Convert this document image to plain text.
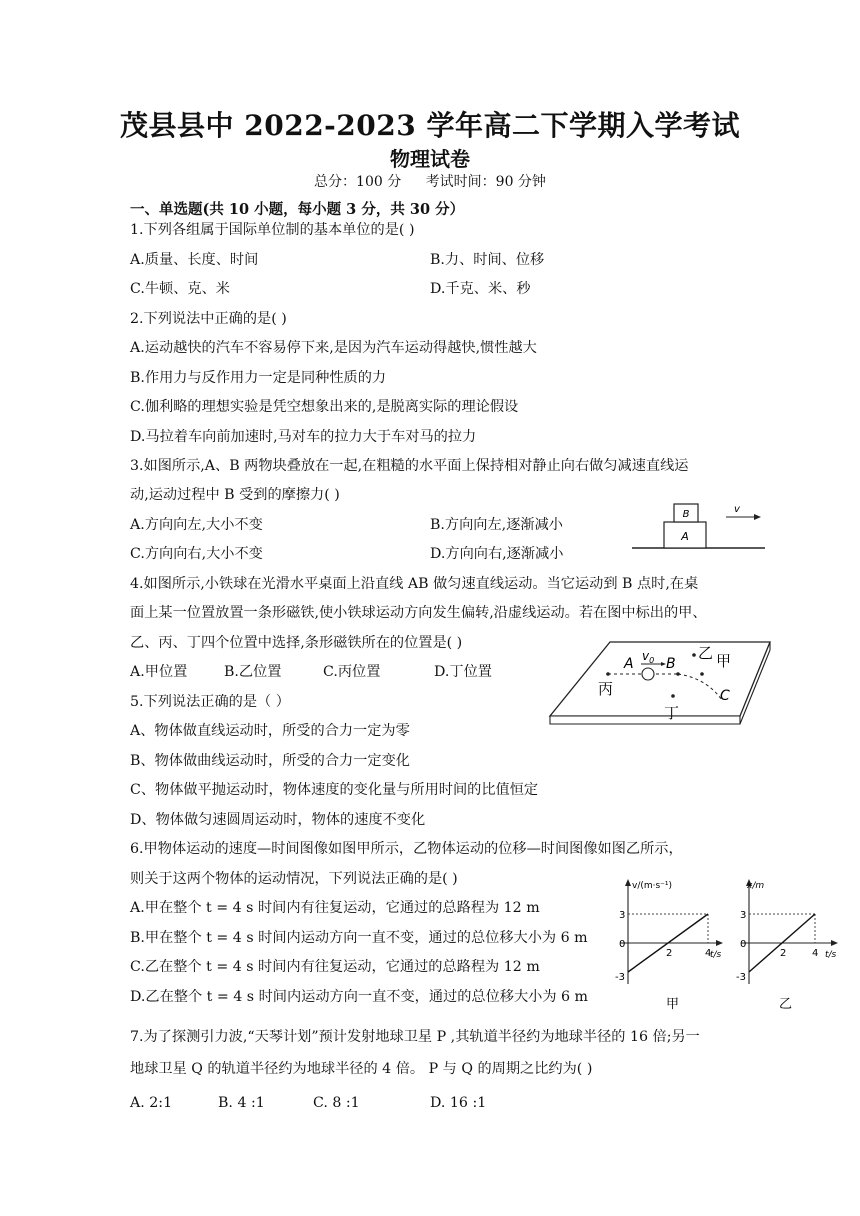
茂县县中 2022-2023 学年高二下学期入学考试
物理试卷
总分：100 分 考试时间：90 分钟
一、单选题(共 10 小题，每小题 3 分，共 30 分）
1.下列各组属于国际单位制的基本单位的是( )
A.质量、长度、时间	B.力、时间、位移
C.牛顿、克、米	D.千克、米、秒
2.下列说法中正确的是( )
A.运动越快的汽车不容易停下来,是因为汽车运动得越快,惯性越大
B.作用力与反作用力一定是同种性质的力
C.伽利略的理想实验是凭空想象出来的,是脱离实际的理论假设
D.马拉着车向前加速时,马对车的拉力大于车对马的拉力
3.如图所示,A、B 两物块叠放在一起,在粗糙的水平面上保持相对静止向右做匀减速直线运
动,运动过程中 B 受到的摩擦力( )
A.方向向左,大小不变	B.方向向左,逐渐减小
C.方向向右,大小不变	D.方向向右,逐渐减小
A
B	v
4.如图所示,小铁球在光滑水平桌面上沿直线 AB 做匀速直线运动。当它运动到 B 点时,在桌
面上某一位置放置一条形磁铁,使小铁球运动方向发生偏转,沿虚线运动。若在图中标出的甲、
乙、丙、丁四个位置中选择,条形磁铁所在的位置是( )
A.甲位置	B.乙位置	C.丙位置	D.丁位置	A $v_0$ B
乙 甲
丙
丁
C
5.下列说法正确的是（ ）
A、物体做直线运动时，所受的合力一定为零
B、物体做曲线运动时，所受的合力一定变化
C、物体做平抛运动时，物体速度的变化量与所用时间的比值恒定
D、物体做匀速圆周运动时，物体的速度不变化
6.甲物体运动的速度—时间图像如图甲所示，乙物体运动的位移—时间图像如图乙所示，
则关于这两个物体的运动情况，下列说法正确的是( )
A.甲在整个 t = 4 s 时间内有往复运动，它通过的总路程为 12 m
B.甲在整个 t = 4 s 时间内运动方向一直不变，通过的总位移大小为 6 m
C.乙在整个 t = 4 s 时间内有往复运动，它通过的总路程为 12 m
D.乙在整个 t = 4 s 时间内运动方向一直不变，通过的总位移大小为 6 m
v/(m·s⁻¹)
t/s
甲
3
0
-3
2	4
x/m
t/s
乙
3
0
-3
2	4
7.为了探测引力波,“天琴计划”预计发射地球卫星 P ,其轨道半径约为地球半径的 16 倍;另一
地球卫星 Q 的轨道半径约为地球半径的 4 倍。 P 与 Q 的周期之比约为( )
A. 2:1	B. 4 :1	C. 8 :1	D. 16 :1
